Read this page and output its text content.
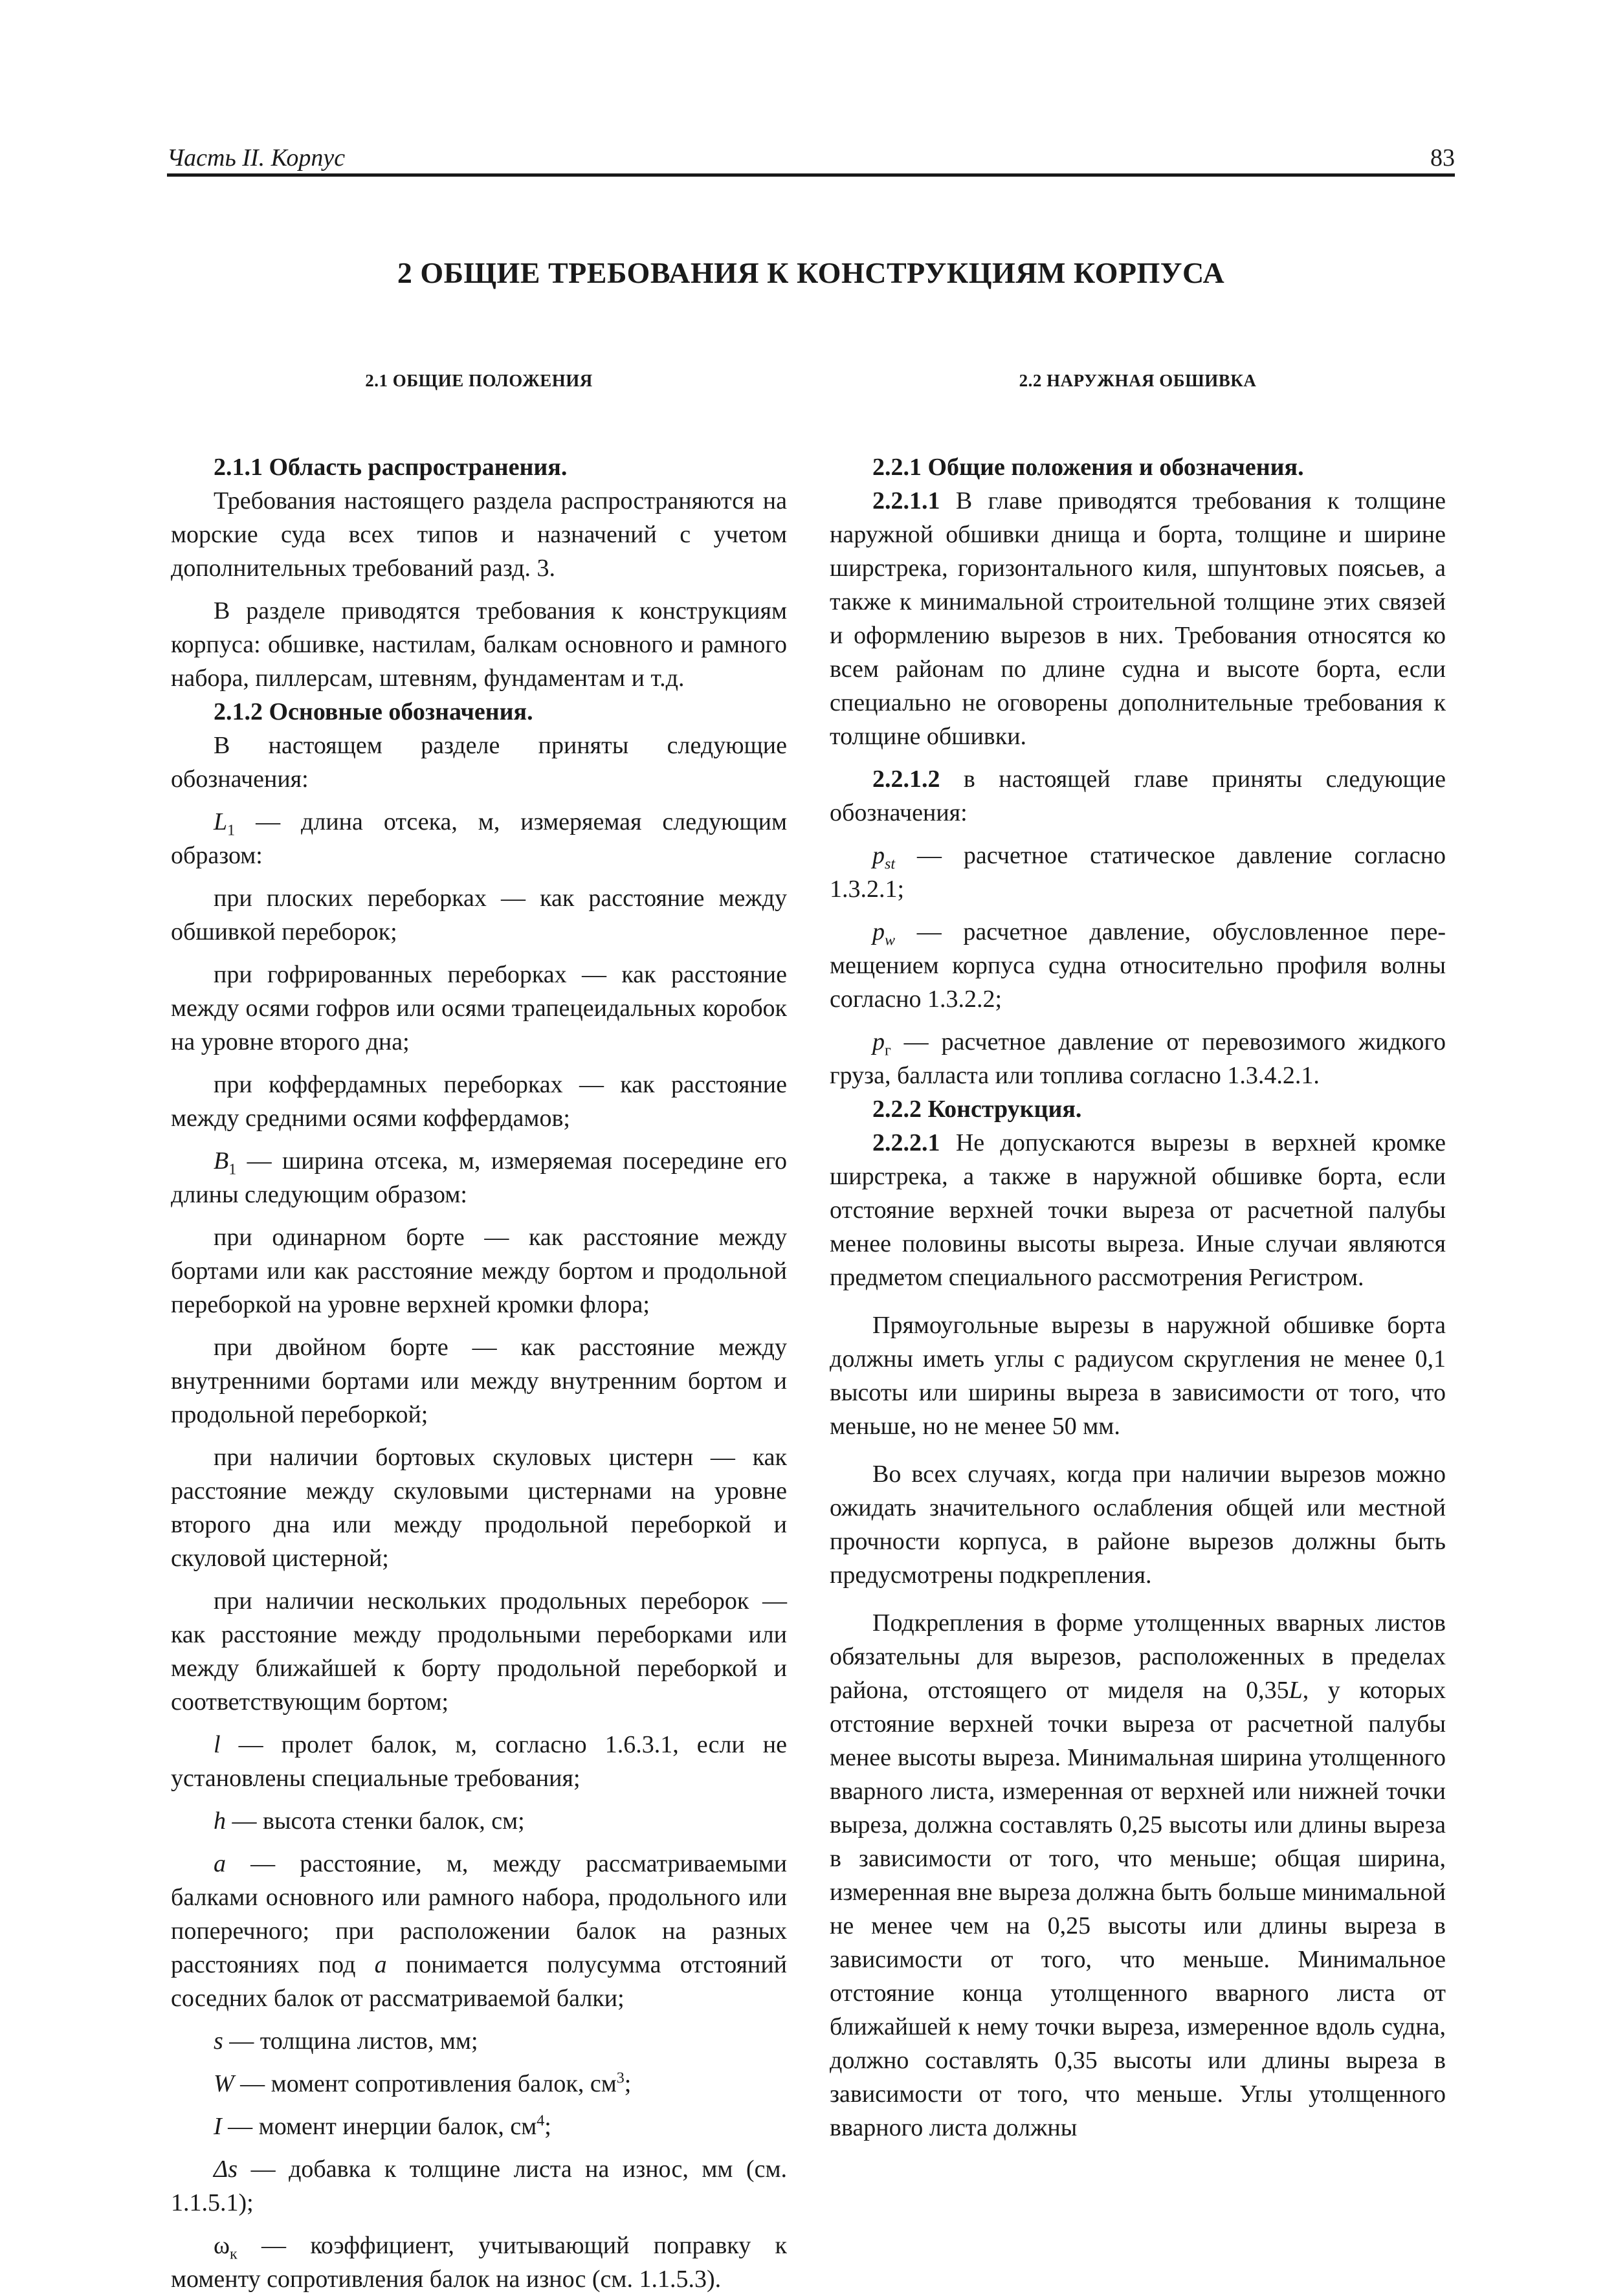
Часть II. Корпус	83
2 ОБЩИЕ ТРЕБОВАНИЯ К КОНСТРУКЦИЯМ КОРПУСА
2.1 ОБЩИЕ ПОЛОЖЕНИЯ

2.1.1 Область распространения.

Требования настоящего раздела распространяются на морские суда всех типов и назначений с учетом дополнительных требований разд. 3.

В разделе приводятся требования к конструкциям корпуса: обшивке, настилам, балкам основного и рамного набора, пиллерсам, штевням, фундаментам и т.д.

2.1.2 Основные обозначения.

В настоящем разделе приняты следующие обозначения:

$L_1$ — длина отсека, м, измеряемая следующим образом:

при плоских переборках — как расстояние между обшивкой переборок;

при гофрированных переборках — как расстояние между осями гофров или осями трапецеидальных коробок на уровне второго дна;

при коффердамных переборках — как расстояние между средними осями коффердамов;

$B_1$ — ширина отсека, м, измеряемая посередине его длины следующим образом:

при одинарном борте — как расстояние между бортами или как расстояние между бортом и продольной переборкой на уровне верхней кромки флора;

при двойном борте — как расстояние между внутренними бортами или между внутренним бортом и продольной переборкой;

при наличии бортовых скуловых цистерн — как расстояние между скуловыми цистернами на уровне второго дна или между продольной переборкой и скуловой цистерной;

при наличии нескольких продольных переборок — как расстояние между продольными переборками или между ближайшей к борту продольной переборкой и соответствующим бортом;

l — пролет балок, м, согласно 1.6.3.1, если не установлены специальные требования;

h — высота стенки балок, см;

a — расстояние, м, между рассматриваемыми балками основного или рамного набора, продольного или поперечного; при расположении балок на разных расстояниях под a понимается полусумма отстояний соседних балок от рассматриваемой балки;

s — толщина листов, мм;

W — момент сопротивления балок, $см^3$;

I — момент инерции балок, $см^4$;

Δs — добавка к толщине листа на износ, мм (см. 1.1.5.1);

$\omega_к$ — коэффициент, учитывающий поправку к моменту сопротивления балок на износ (см. 1.1.5.3).

2.2 НАРУЖНАЯ ОБШИВКА

2.2.1 Общие положения и обозначения.

2.2.1.1 В главе приводятся требования к толщине наружной обшивки днища и борта, толщине и ширине ширстрека, горизонтального киля, шпунтовых поясьев, а также к минимальной строительной толщине этих связей и оформлению вырезов в них. Требования относятся ко всем районам по длине судна и высоте борта, если специально не оговорены дополнительные требования к толщине обшивки.

2.2.1.2 в настоящей главе приняты следующие обозначения:

$p_{st}$ — расчетное статическое давление согласно 1.3.2.1;

$p_w$ — расчетное давление, обусловленное перемещением корпуса судна относительно профиля волны согласно 1.3.2.2;

$p_г$ — расчетное давление от перевозимого жидкого груза, балласта или топлива согласно 1.3.4.2.1.

2.2.2 Конструкция.

2.2.2.1 Не допускаются вырезы в верхней кромке ширстрека, а также в наружной обшивке борта, если отстояние верхней точки выреза от расчетной палубы менее половины высоты выреза. Иные случаи являются предметом специального рассмотрения Регистром.

Прямоугольные вырезы в наружной обшивке борта должны иметь углы с радиусом скругления не менее 0,1 высоты или ширины выреза в зависимости от того, что меньше, но не менее 50 мм.

Во всех случаях, когда при наличии вырезов можно ожидать значительного ослабления общей или местной прочности корпуса, в районе вырезов должны быть предусмотрены подкрепления.

Подкрепления в форме утолщенных вварных листов обязательны для вырезов, расположенных в пределах района, отстоящего от миделя на 0,35L, у которых отстояние верхней точки выреза от расчетной палубы менее высоты выреза. Минимальная ширина утолщенного вварного листа, измеренная от верхней или нижней точки выреза, должна составлять 0,25 высоты или длины выреза в зависимости от того, что меньше; общая ширина, измеренная вне выреза должна быть больше минимальной не менее чем на 0,25 высоты или длины выреза в зависимости от того, что меньше. Минимальное отстояние конца утолщенного вварного листа от ближайшей к нему точки выреза, измеренное вдоль судна, должно составлять 0,35 высоты или длины выреза в зависимости от того, что меньше. Углы утолщенного вварного листа должны
